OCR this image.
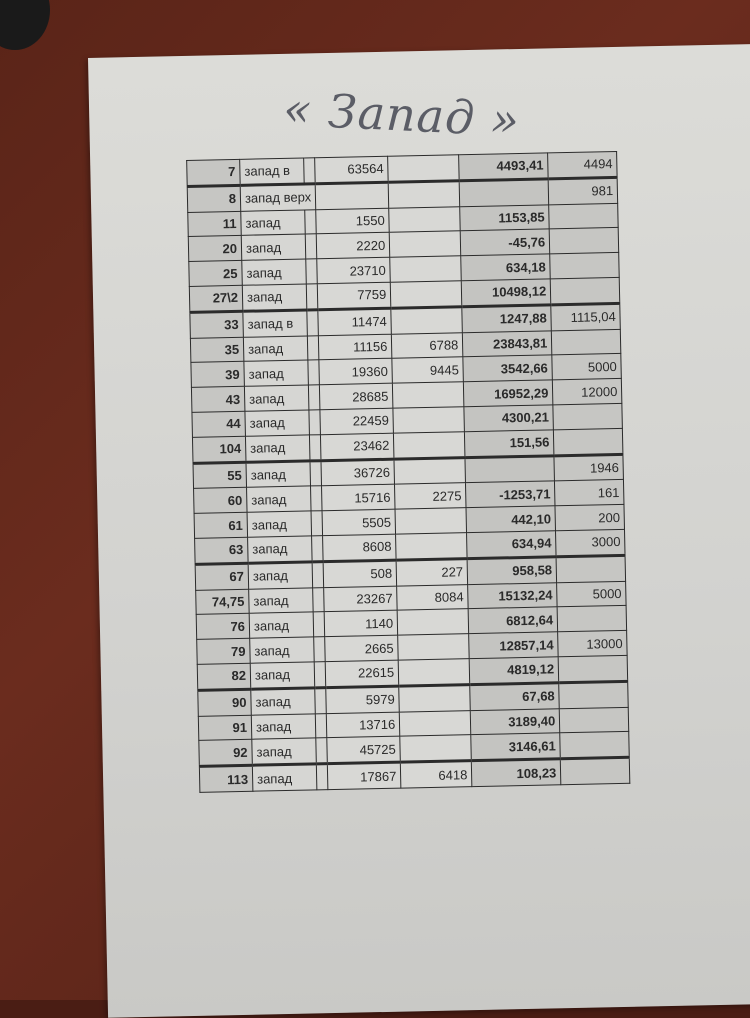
« Запад »
7	запад в		63564		4493,41	4494
8	запад верх					981
11	запад		1550		1153,85	
20	запад		2220		-45,76	
25	запад		23710		634,18	
27\2	запад		7759		10498,12	
33	запад в		11474		1247,88	1115,04
35	запад		11156	6788	23843,81	
39	запад		19360	9445	3542,66	5000
43	запад		28685		16952,29	12000
44	запад		22459		4300,21	
104	запад		23462		151,56	
55	запад		36726			1946
60	запад		15716	2275	-1253,71	161
61	запад		5505		442,10	200
63	запад		8608		634,94	3000
67	запад		508	227	958,58	
74,75	запад		23267	8084	15132,24	5000
76	запад		1140		6812,64	
79	запад		2665		12857,14	13000
82	запад		22615		4819,12	
90	запад		5979		67,68	
91	запад		13716		3189,40	
92	запад		45725		3146,61	
113	запад		17867	6418	108,23	
